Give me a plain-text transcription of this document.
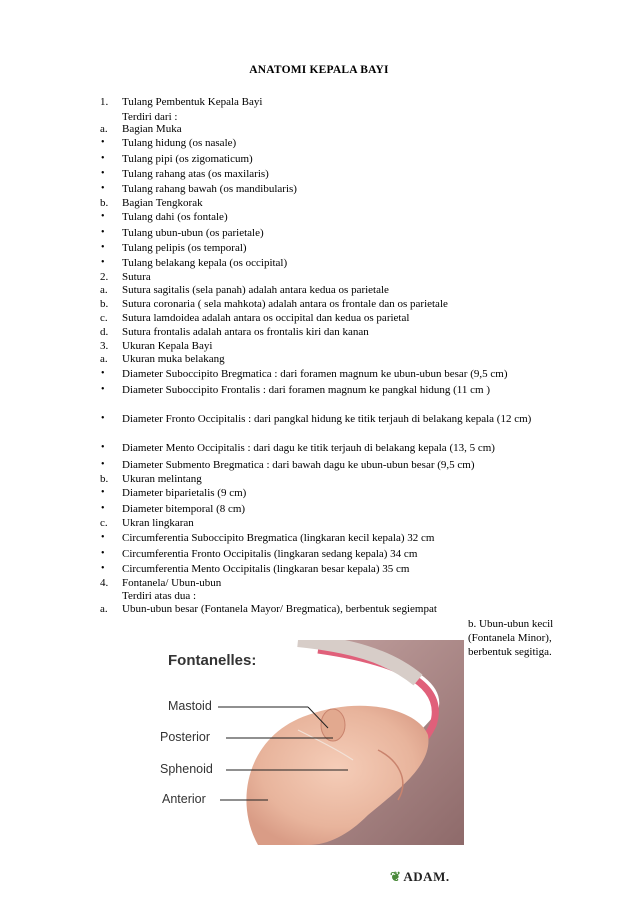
ANATOMI KEPALA BAYI
1. Tulang Pembentuk Kepala Bayi
Terdiri dari :
a. Bagian Muka
• Tulang hidung (os nasale)
• Tulang pipi (os zigomaticum)
• Tulang rahang atas (os maxilaris)
• Tulang rahang bawah (os mandibularis)
b. Bagian Tengkorak
• Tulang dahi (os fontale)
• Tulang ubun-ubun (os parietale)
• Tulang pelipis (os temporal)
• Tulang belakang kepala (os occipital)
2. Sutura
a. Sutura sagitalis (sela panah) adalah antara kedua os parietale
b. Sutura coronaria ( sela mahkota) adalah antara os frontale dan os parietale
c. Sutura lamdoidea adalah antara os occipital dan kedua os parietal
d. Sutura frontalis adalah antara os frontalis kiri dan kanan
3. Ukuran Kepala Bayi
a. Ukuran muka belakang
• Diameter Suboccipito Bregmatica : dari foramen magnum ke ubun-ubun besar (9,5 cm)
• Diameter Suboccipito Frontalis : dari foramen magnum ke pangkal hidung (11 cm )
• Diameter Fronto Occipitalis : dari pangkal hidung ke titik terjauh di belakang kepala (12 cm)
• Diameter Mento Occipitalis : dari dagu ke titik terjauh di belakang kepala (13, 5 cm)
• Diameter Submento Bregmatica : dari bawah dagu ke ubun-ubun besar (9,5 cm)
b. Ukuran melintang
• Diameter biparietalis (9 cm)
• Diameter bitemporal (8 cm)
c. Ukran lingkaran
• Circumferentia Suboccipito Bregmatica (lingkaran kecil kepala) 32 cm
• Circumferentia Fronto Occipitalis (lingkaran sedang kepala) 34 cm
• Circumferentia Mento Occipitalis (lingkaran besar kepala) 35 cm
4. Fontanela/ Ubun-ubun
Terdiri atas dua :
a. Ubun-ubun besar (Fontanela Mayor/ Bregmatica), berbentuk segiempat
b. Ubun-ubun kecil (Fontanela Minor), berbentuk segitiga.
Fontanelles:
Mastoid
Posterior
Sphenoid
Anterior
❦ ADAM.
